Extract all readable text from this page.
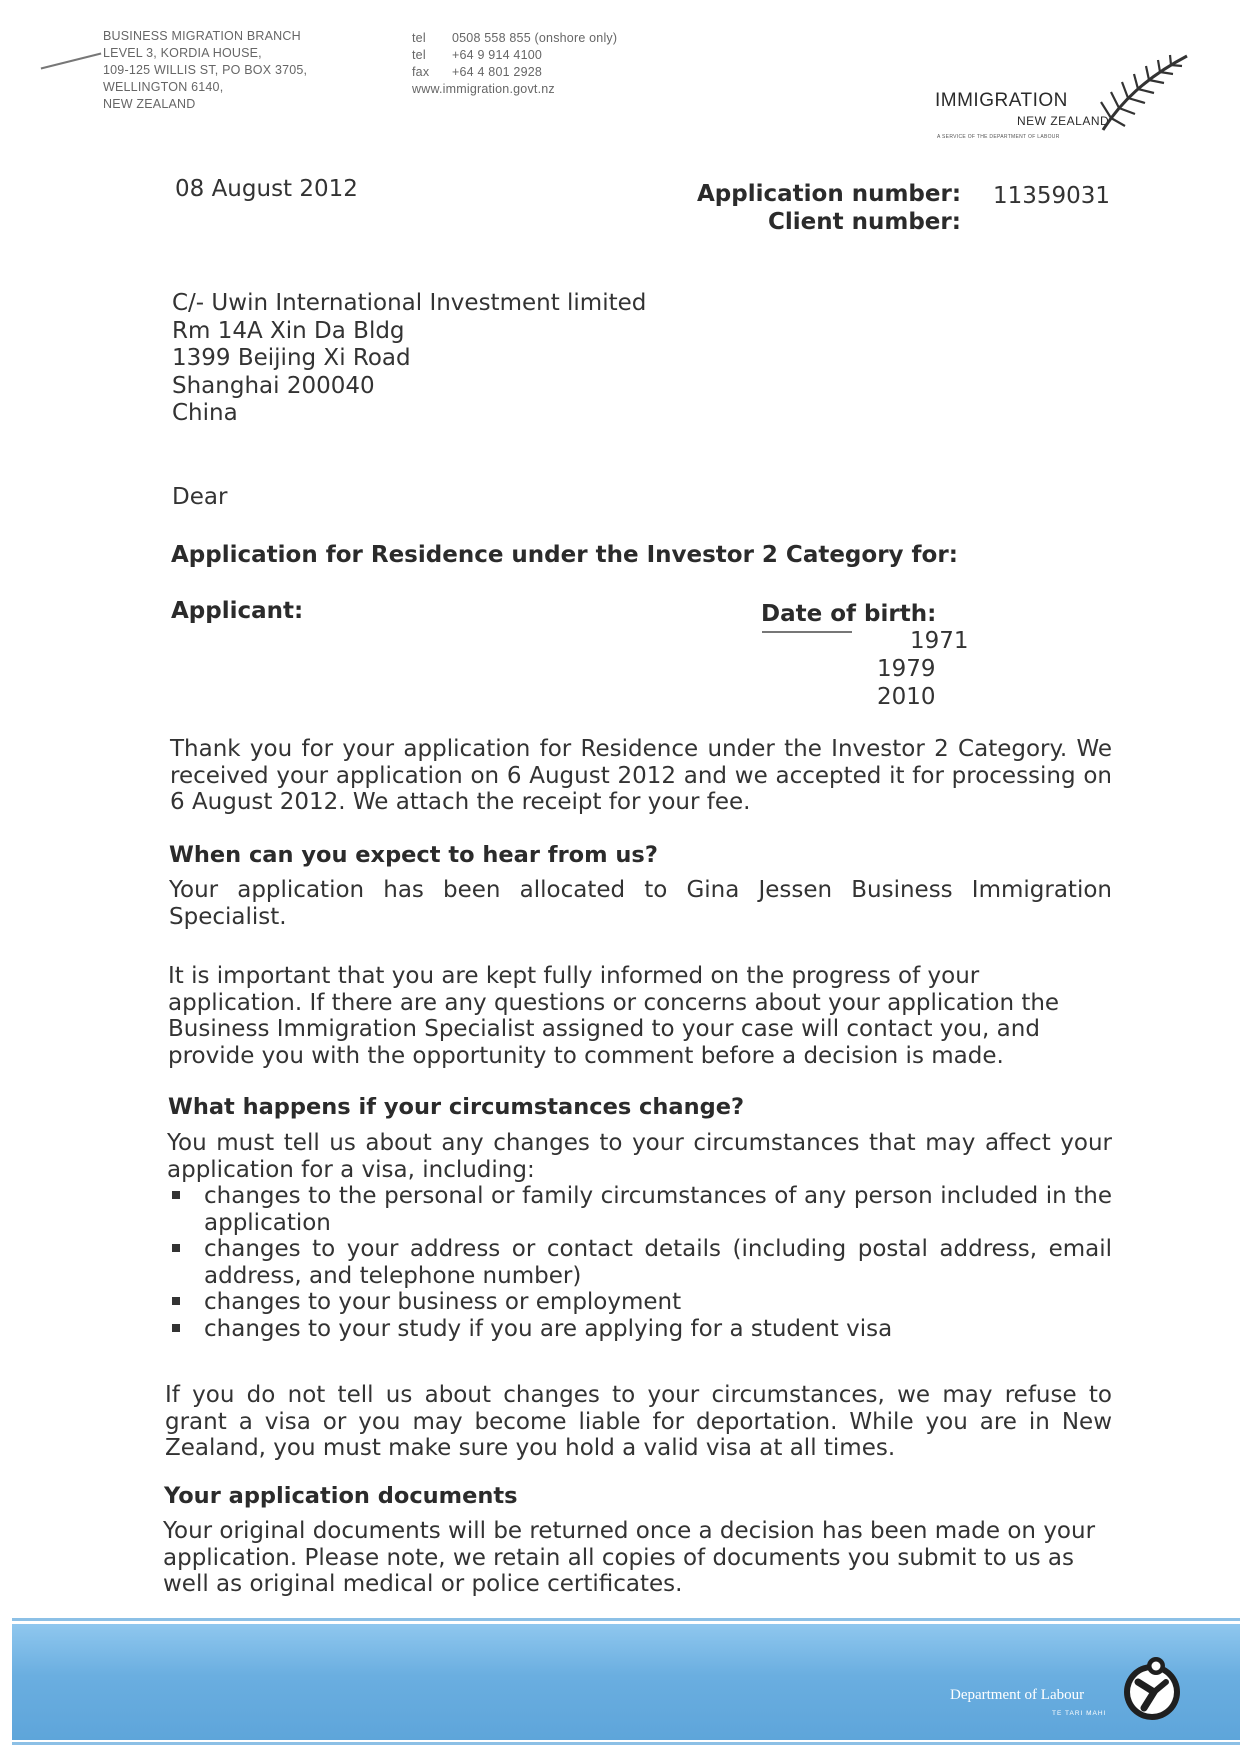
BUSINESS MIGRATION BRANCH
LEVEL 3, KORDIA HOUSE,
109-125 WILLIS ST, PO BOX 3705,
WELLINGTON 6140,
NEW ZEALAND
tel 0508 558 855 (onshore only)
tel +64 9 914 4100
fax +64 4 801 2928
www.immigration.govt.nz
IMMIGRATION
NEW ZEALAND
A SERVICE OF THE DEPARTMENT OF LABOUR
08 August 2012	Application number: 11359031
Client number:
C/- Uwin International Investment limited
Rm 14A Xin Da Bldg
1399 Beijing Xi Road
Shanghai 200040
China
Dear
Application for Residence under the Investor 2 Category for:
Applicant:	Date of birth:
1971
1979
2010
Thank you for your application for Residence under the Investor 2 Category. We
received your application on 6 August 2012 and we accepted it for processing on
6 August 2012. We attach the receipt for your fee.
When can you expect to hear from us?
Your application has been allocated to Gina Jessen Business Immigration
Specialist.
It is important that you are kept fully informed on the progress of your
application. If there are any questions or concerns about your application the
Business Immigration Specialist assigned to your case will contact you, and
provide you with the opportunity to comment before a decision is made.
What happens if your circumstances change?
You must tell us about any changes to your circumstances that may affect your
application for a visa, including:
changes to the personal or family circumstances of any person included in the
application
changes to your address or contact details (including postal address, email
address, and telephone number)
changes to your business or employment
changes to your study if you are applying for a student visa
If you do not tell us about changes to your circumstances, we may refuse to
grant a visa or you may become liable for deportation. While you are in New
Zealand, you must make sure you hold a valid visa at all times.
Your application documents
Your original documents will be returned once a decision has been made on your
application. Please note, we retain all copies of documents you submit to us as
well as original medical or police certificates.
Department of Labour
TE TARI MAHI
